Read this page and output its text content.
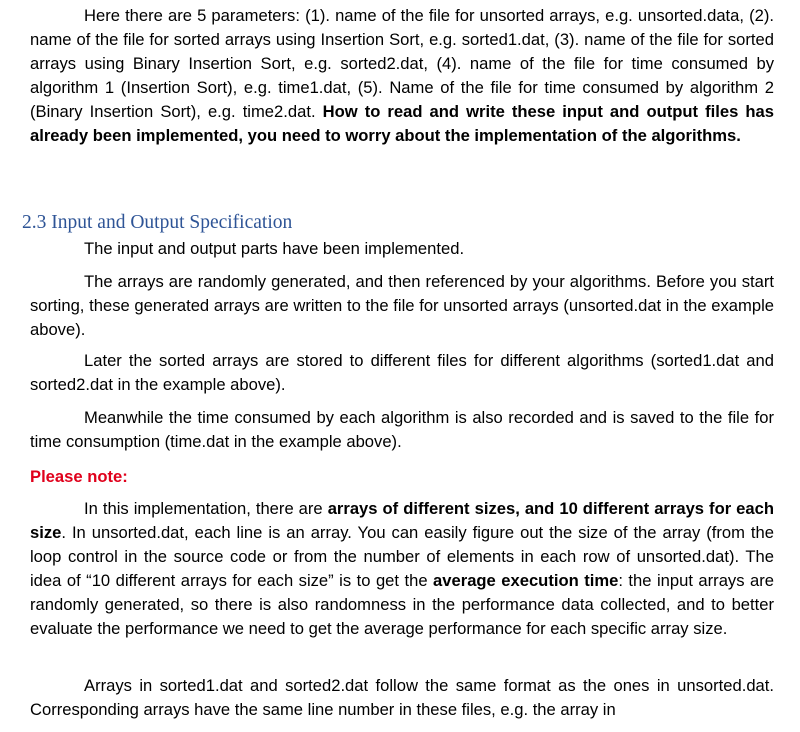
Here there are 5 parameters: (1). name of the file for unsorted arrays, e.g. unsorted.data, (2). name of the file for sorted arrays using Insertion Sort, e.g. sorted1.dat, (3). name of the file for sorted arrays using Binary Insertion Sort, e.g. sorted2.dat, (4). name of the file for time consumed by algorithm 1 (Insertion Sort), e.g. time1.dat, (5). Name of the file for time consumed by algorithm 2 (Binary Insertion Sort), e.g. time2.dat. How to read and write these input and output files has already been implemented, you need to worry about the implementation of the algorithms.

2.3 Input and Output Specification

The input and output parts have been implemented.

The arrays are randomly generated, and then referenced by your algorithms. Before you start sorting, these generated arrays are written to the file for unsorted arrays (unsorted.dat in the example above).

Later the sorted arrays are stored to different files for different algorithms (sorted1.dat and sorted2.dat in the example above).

Meanwhile the time consumed by each algorithm is also recorded and is saved to the file for time consumption (time.dat in the example above).

Please note:

In this implementation, there are arrays of different sizes, and 10 different arrays for each size. In unsorted.dat, each line is an array. You can easily figure out the size of the array (from the loop control in the source code or from the number of elements in each row of unsorted.dat). The idea of “10 different arrays for each size” is to get the average execution time: the input arrays are randomly generated, so there is also randomness in the performance data collected, and to better evaluate the performance we need to get the average performance for each specific array size.

Arrays in sorted1.dat and sorted2.dat follow the same format as the ones in unsorted.dat. Corresponding arrays have the same line number in these files, e.g. the array in
